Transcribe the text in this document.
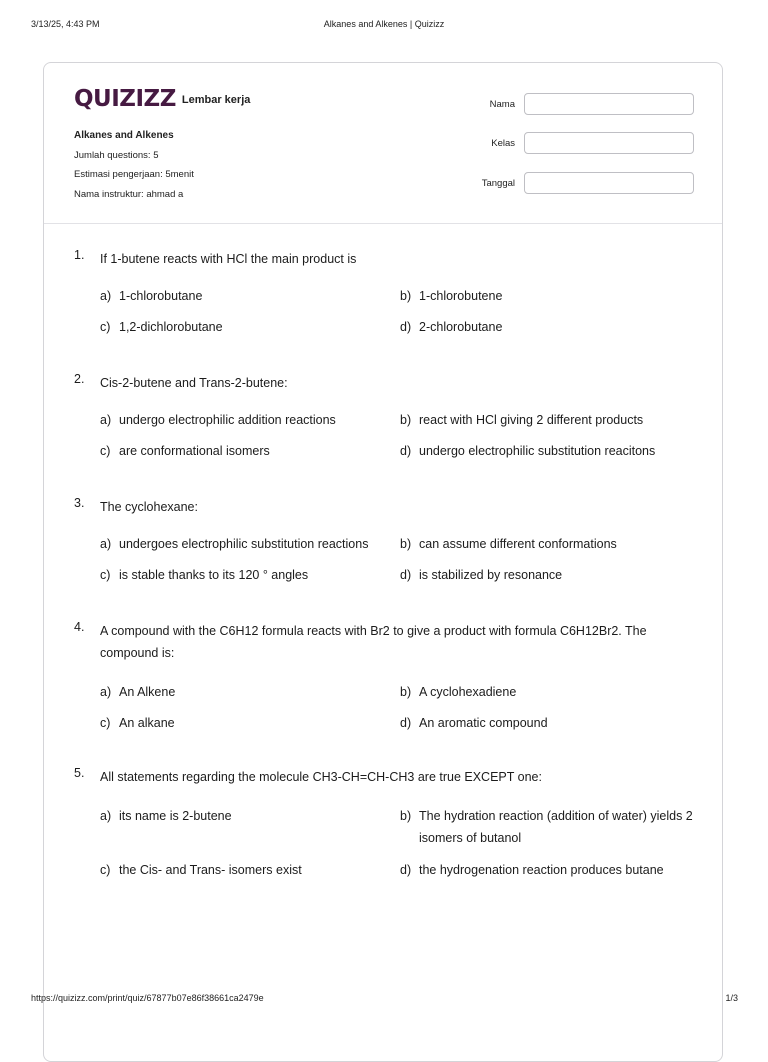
3/13/25, 4:43 PM	Alkanes and Alkenes | Quizizz
QUIZIZZ Lembar kerja
Alkanes and Alkenes
Jumlah questions: 5
Estimasi pengerjaan: 5menit
Nama instruktur: ahmad a
Nama
Kelas
Tanggal
1. If 1-butene reacts with HCl the main product is
a) 1-chlorobutane	b) 1-chlorobutene
c) 1,2-dichlorobutane	d) 2-chlorobutane
2. Cis-2-butene and Trans-2-butene:
a) undergo electrophilic addition reactions	b) react with HCl giving 2 different products
c) are conformational isomers	d) undergo electrophilic substitution reacitons
3. The cyclohexane:
a) undergoes electrophilic substitution reactions	b) can assume different conformations
c) is stable thanks to its 120 ° angles	d) is stabilized by resonance
4. A compound with the C6H12 formula reacts with Br2 to give a product with formula C6H12Br2. The compound is:
a) An Alkene	b) A cyclohexadiene
c) An alkane	d) An aromatic compound
5. All statements regarding the molecule CH3-CH=CH-CH3 are true EXCEPT one:
a) its name is 2-butene	b) The hydration reaction (addition of water) yields 2 isomers of butanol
c) the Cis- and Trans- isomers exist	d) the hydrogenation reaction produces butane
https://quizizz.com/print/quiz/67877b07e86f38661ca2479e	1/3
